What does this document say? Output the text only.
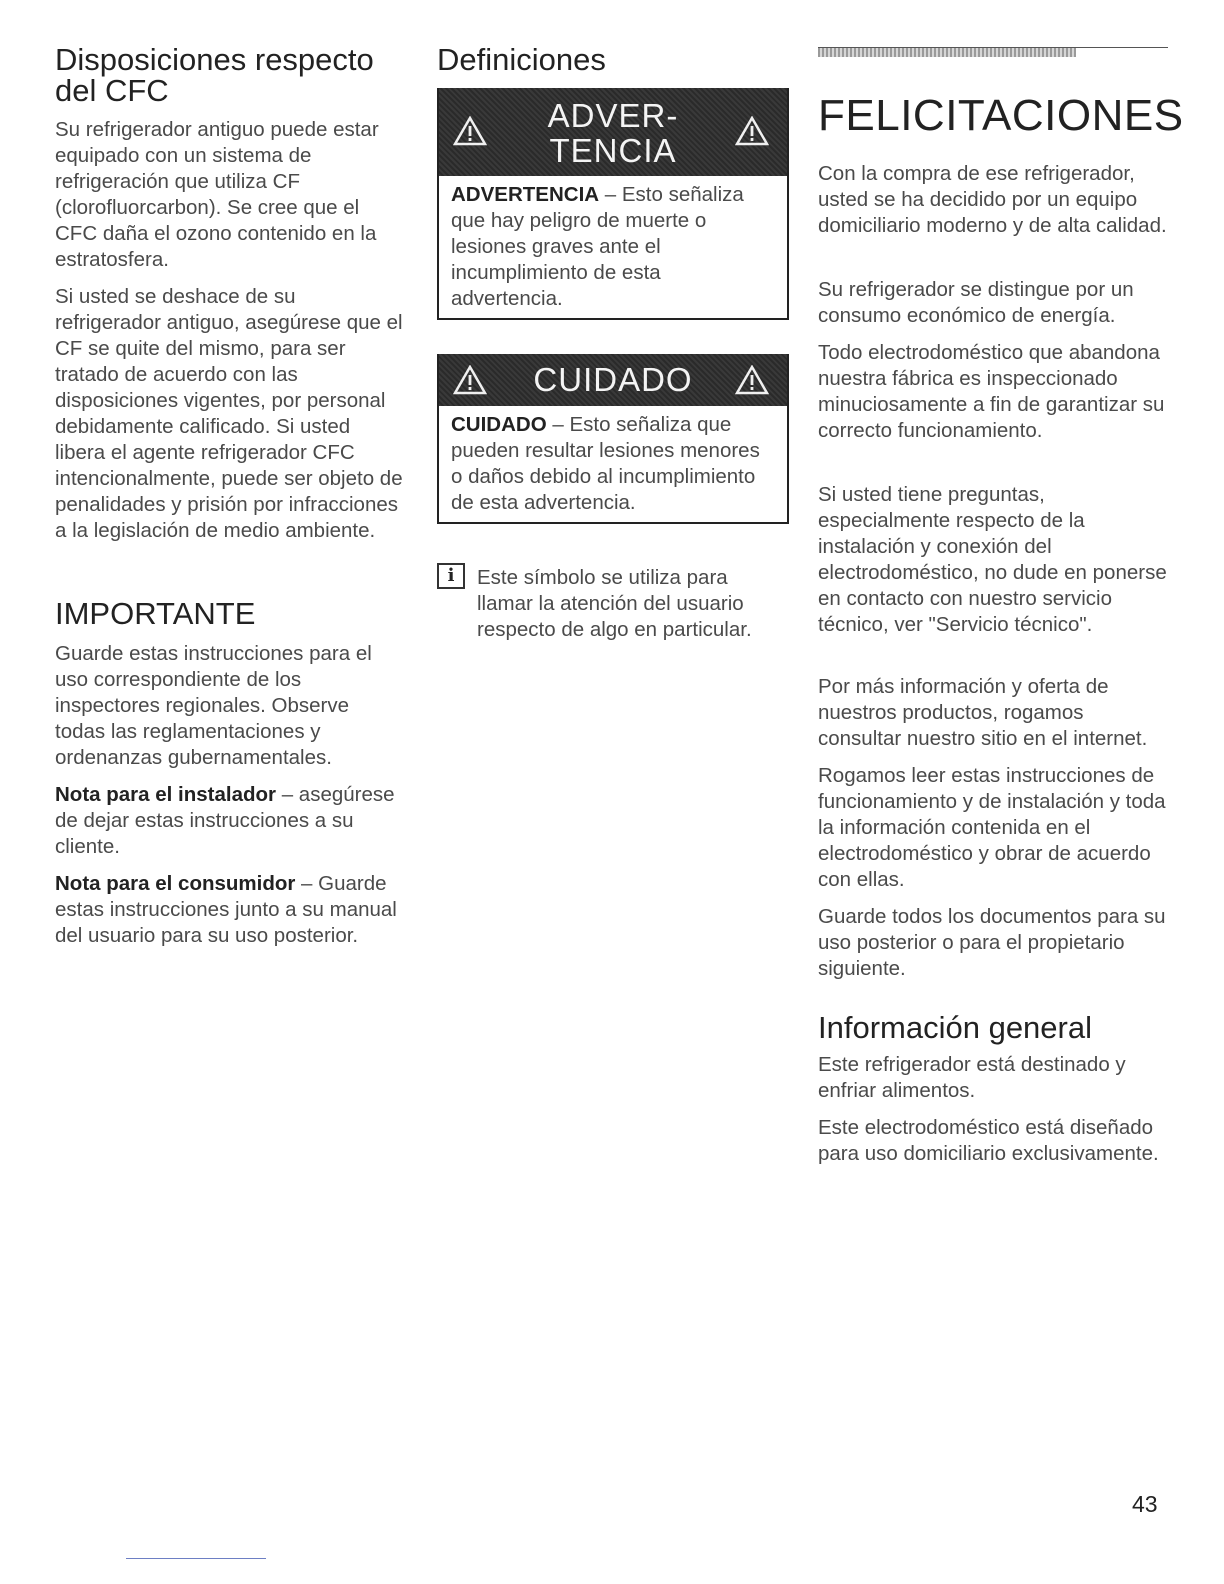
Disposiciones respecto del CFC

Su refrigerador antiguo puede estar equipado con un sistema de refrigeración que utiliza CF (clorofluorcarbon). Se cree que el CFC daña el ozono contenido en la estratosfera.

Si usted se deshace de su refrigerador antiguo, asegúrese que el CF se quite del mismo, para ser tratado de acuerdo con las disposiciones vigentes, por personal debidamente calificado. Si usted libera el agente refrigerador CFC intencionalmente, puede ser objeto de penalidades y prisión por infracciones a la legislación de medio ambiente.

IMPORTANTE

Guarde estas instrucciones para el uso correspondiente de los inspectores regionales. Observe todas las reglamentaciones y ordenanzas gubernamentales.

Nota para el instalador – asegúrese de dejar estas instrucciones a su cliente.

Nota para el consumidor – Guarde estas instrucciones junto a su manual del usuario para su uso posterior.

Definiciones
ADVER-
TENCIA

ADVERTENCIA – Esto señaliza que hay peligro de muerte o lesiones graves ante el incumplimiento de esta advertencia.

CUIDADO

CUIDADO – Esto señaliza que pueden resultar lesiones menores o daños debido al incumplimiento de esta advertencia.

i	Este símbolo se utiliza para llamar la atención del usuario respecto de algo en particular.

FELICITACIONES

Con la compra de ese refrigerador, usted se ha decidido por un equipo domiciliario moderno y de alta calidad.

Su refrigerador se distingue por un consumo económico de energía.

Todo electrodoméstico que abandona nuestra fábrica es inspeccionado minuciosamente a fin de garantizar su correcto funcionamiento.

Si usted tiene preguntas, especialmente respecto de la instalación y conexión del electrodoméstico, no dude en ponerse en contacto con nuestro servicio técnico, ver "Servicio técnico".

Por más información y oferta de nuestros productos, rogamos consultar nuestro sitio en el internet.

Rogamos leer estas instrucciones de funcionamiento y de instalación y toda la información contenida en el electrodoméstico y obrar de acuerdo con ellas.

Guarde todos los documentos para su uso posterior o para el propietario siguiente.

Información general

Este refrigerador está destinado y enfriar alimentos.

Este electrodoméstico está diseñado para uso domiciliario exclusivamente.

43
